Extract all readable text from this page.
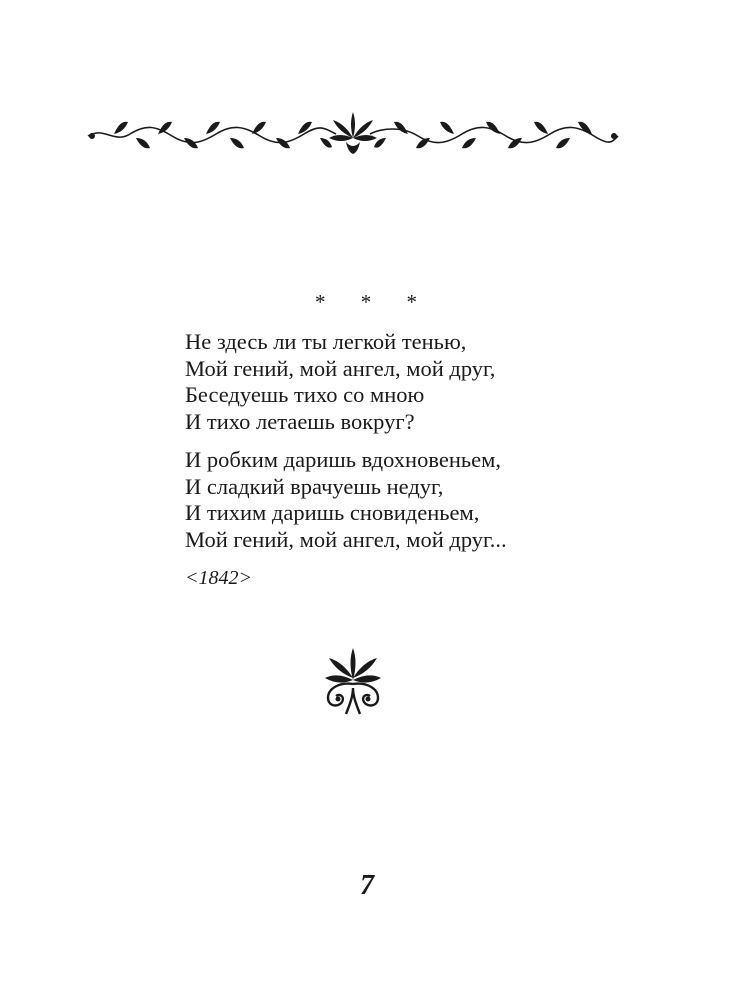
* * *
Не здесь ли ты легкой тенью,
Мой гений, мой ангел, мой друг,
Беседуешь тихо со мною
И тихо летаешь вокруг?
И робким даришь вдохновеньем,
И сладкий врачуешь недуг,
И тихим даришь сновиденьем,
Мой гений, мой ангел, мой друг...
<1842>
7
